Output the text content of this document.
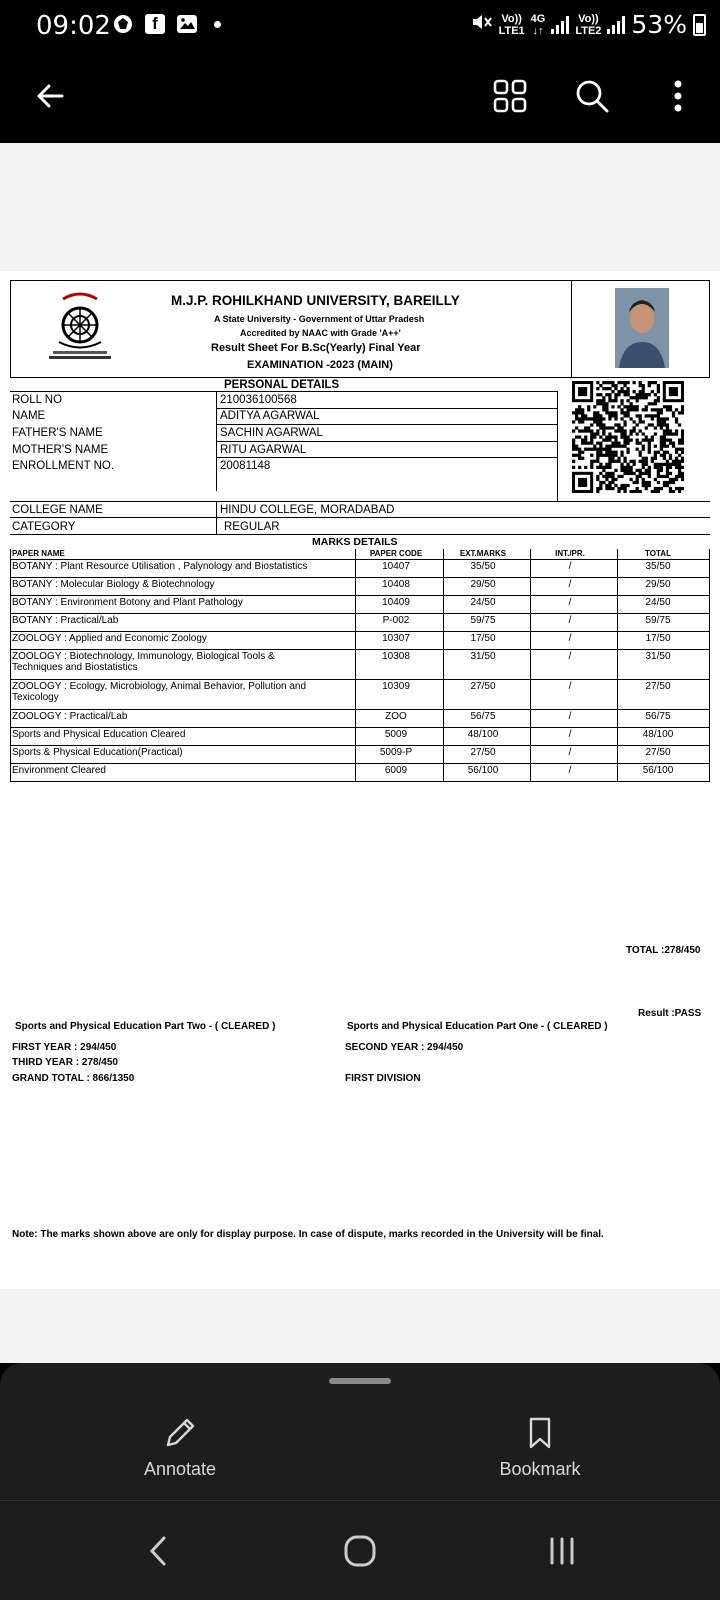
09:02	f	Vo))
LTE1
4G
↓↑
Vo))
LTE2 53%
M.J.P. ROHILKHAND UNIVERSITY, BAREILLY
A State University - Government of Uttar Pradesh
Accredited by NAAC with Grade 'A++'
Result Sheet For B.Sc(Yearly) Final Year
EXAMINATION -2023 (MAIN)
PERSONAL DETAILS
ROLL NO	210036100568
NAME	ADITYA AGARWAL
FATHER'S NAME	SACHIN AGARWAL
MOTHER'S NAME	RITU AGARWAL
ENROLLMENT NO.	20081148
COLLEGE NAME	HINDU COLLEGE, MORADABAD
CATEGORY	REGULAR
MARKS DETAILS
PAPER NAME	PAPER CODE	EXT.MARKS	INT./PR.	TOTAL
BOTANY : Plant Resource Utilisation , Palynology and Biostatistics	10407	35/50	/	35/50
BOTANY : Molecular Biology & Biotechnology	10408	29/50	/	29/50
BOTANY : Environment Botony and Plant Pathology	10409	24/50	/	24/50
BOTANY : Practical/Lab	P-002	59/75	/	59/75
ZOOLOGY : Applied and Economic Zoology	10307	17/50	/	17/50
ZOOLOGY : Biotechnology, Immunology, Biological Tools &
Techniques and Biostatistics
10308	31/50	/	31/50
ZOOLOGY : Ecology, Microbiology, Animal Behavior, Pollution and
Texicology
10309	27/50	/	27/50
ZOOLOGY : Practical/Lab	ZOO	56/75	/	56/75
Sports and Physical Education Cleared	5009	48/100	/	48/100
Sports & Physical Education(Practical)	5009-P	27/50	/	27/50
Environment Cleared	6009	56/100	/	56/100
TOTAL :278/450
Result :PASS
Sports and Physical Education Part Two - ( CLEARED )	Sports and Physical Education Part One - ( CLEARED )
FIRST YEAR : 294/450	SECOND YEAR : 294/450
THIRD YEAR : 278/450
GRAND TOTAL : 866/1350	FIRST DIVISION
Note: The marks shown above are only for display purpose. In case of dispute, marks recorded in the University will be final.
Annotate	Bookmark
